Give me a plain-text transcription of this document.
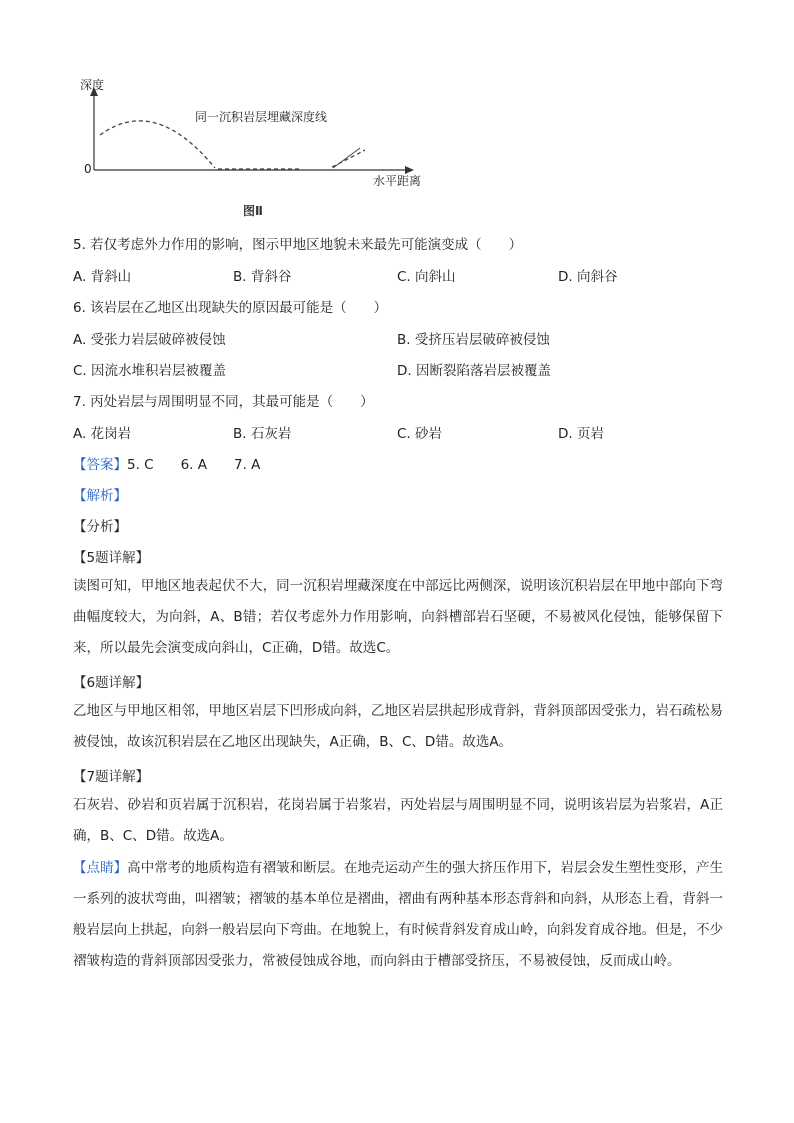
深度
同一沉积岩层埋藏深度线
0
水平距离
图Ⅱ
5. 若仅考虑外力作用的影响，图示甲地区地貌未来最先可能演变成（　　）
A. 背斜山	B. 背斜谷	C. 向斜山	D. 向斜谷
6. 该岩层在乙地区出现缺失的原因最可能是（　　）
A. 受张力岩层破碎被侵蚀	B. 受挤压岩层破碎被侵蚀
C. 因流水堆积岩层被覆盖	D. 因断裂陷落岩层被覆盖
7. 丙处岩层与周围明显不同，其最可能是（　　）
A. 花岗岩	B. 石灰岩	C. 砂岩	D. 页岩
【答案】5. C　　6. A　　7. A
【解析】
【分析】
【5题详解】
读图可知，甲地区地表起伏不大，同一沉积岩埋藏深度在中部远比两侧深，说明该沉积岩层在甲地中部向下弯曲幅度较大，为向斜，A、B错；若仅考虑外力作用影响，向斜槽部岩石坚硬，不易被风化侵蚀，能够保留下来，所以最先会演变成向斜山，C正确，D错。故选C。
【6题详解】
乙地区与甲地区相邻，甲地区岩层下凹形成向斜，乙地区岩层拱起形成背斜，背斜顶部因受张力，岩石疏松易被侵蚀，故该沉积岩层在乙地区出现缺失，A正确，B、C、D错。故选A。
【7题详解】
石灰岩、砂岩和页岩属于沉积岩，花岗岩属于岩浆岩，丙处岩层与周围明显不同，说明该岩层为岩浆岩，A正确，B、C、D错。故选A。
【点睛】高中常考的地质构造有褶皱和断层。在地壳运动产生的强大挤压作用下，岩层会发生塑性变形，产生一系列的波状弯曲，叫褶皱；褶皱的基本单位是褶曲，褶曲有两种基本形态背斜和向斜，从形态上看，背斜一般岩层向上拱起，向斜一般岩层向下弯曲。在地貌上，有时候背斜发育成山岭，向斜发育成谷地。但是，不少褶皱构造的背斜顶部因受张力，常被侵蚀成谷地，而向斜由于槽部受挤压，不易被侵蚀，反而成山岭。
